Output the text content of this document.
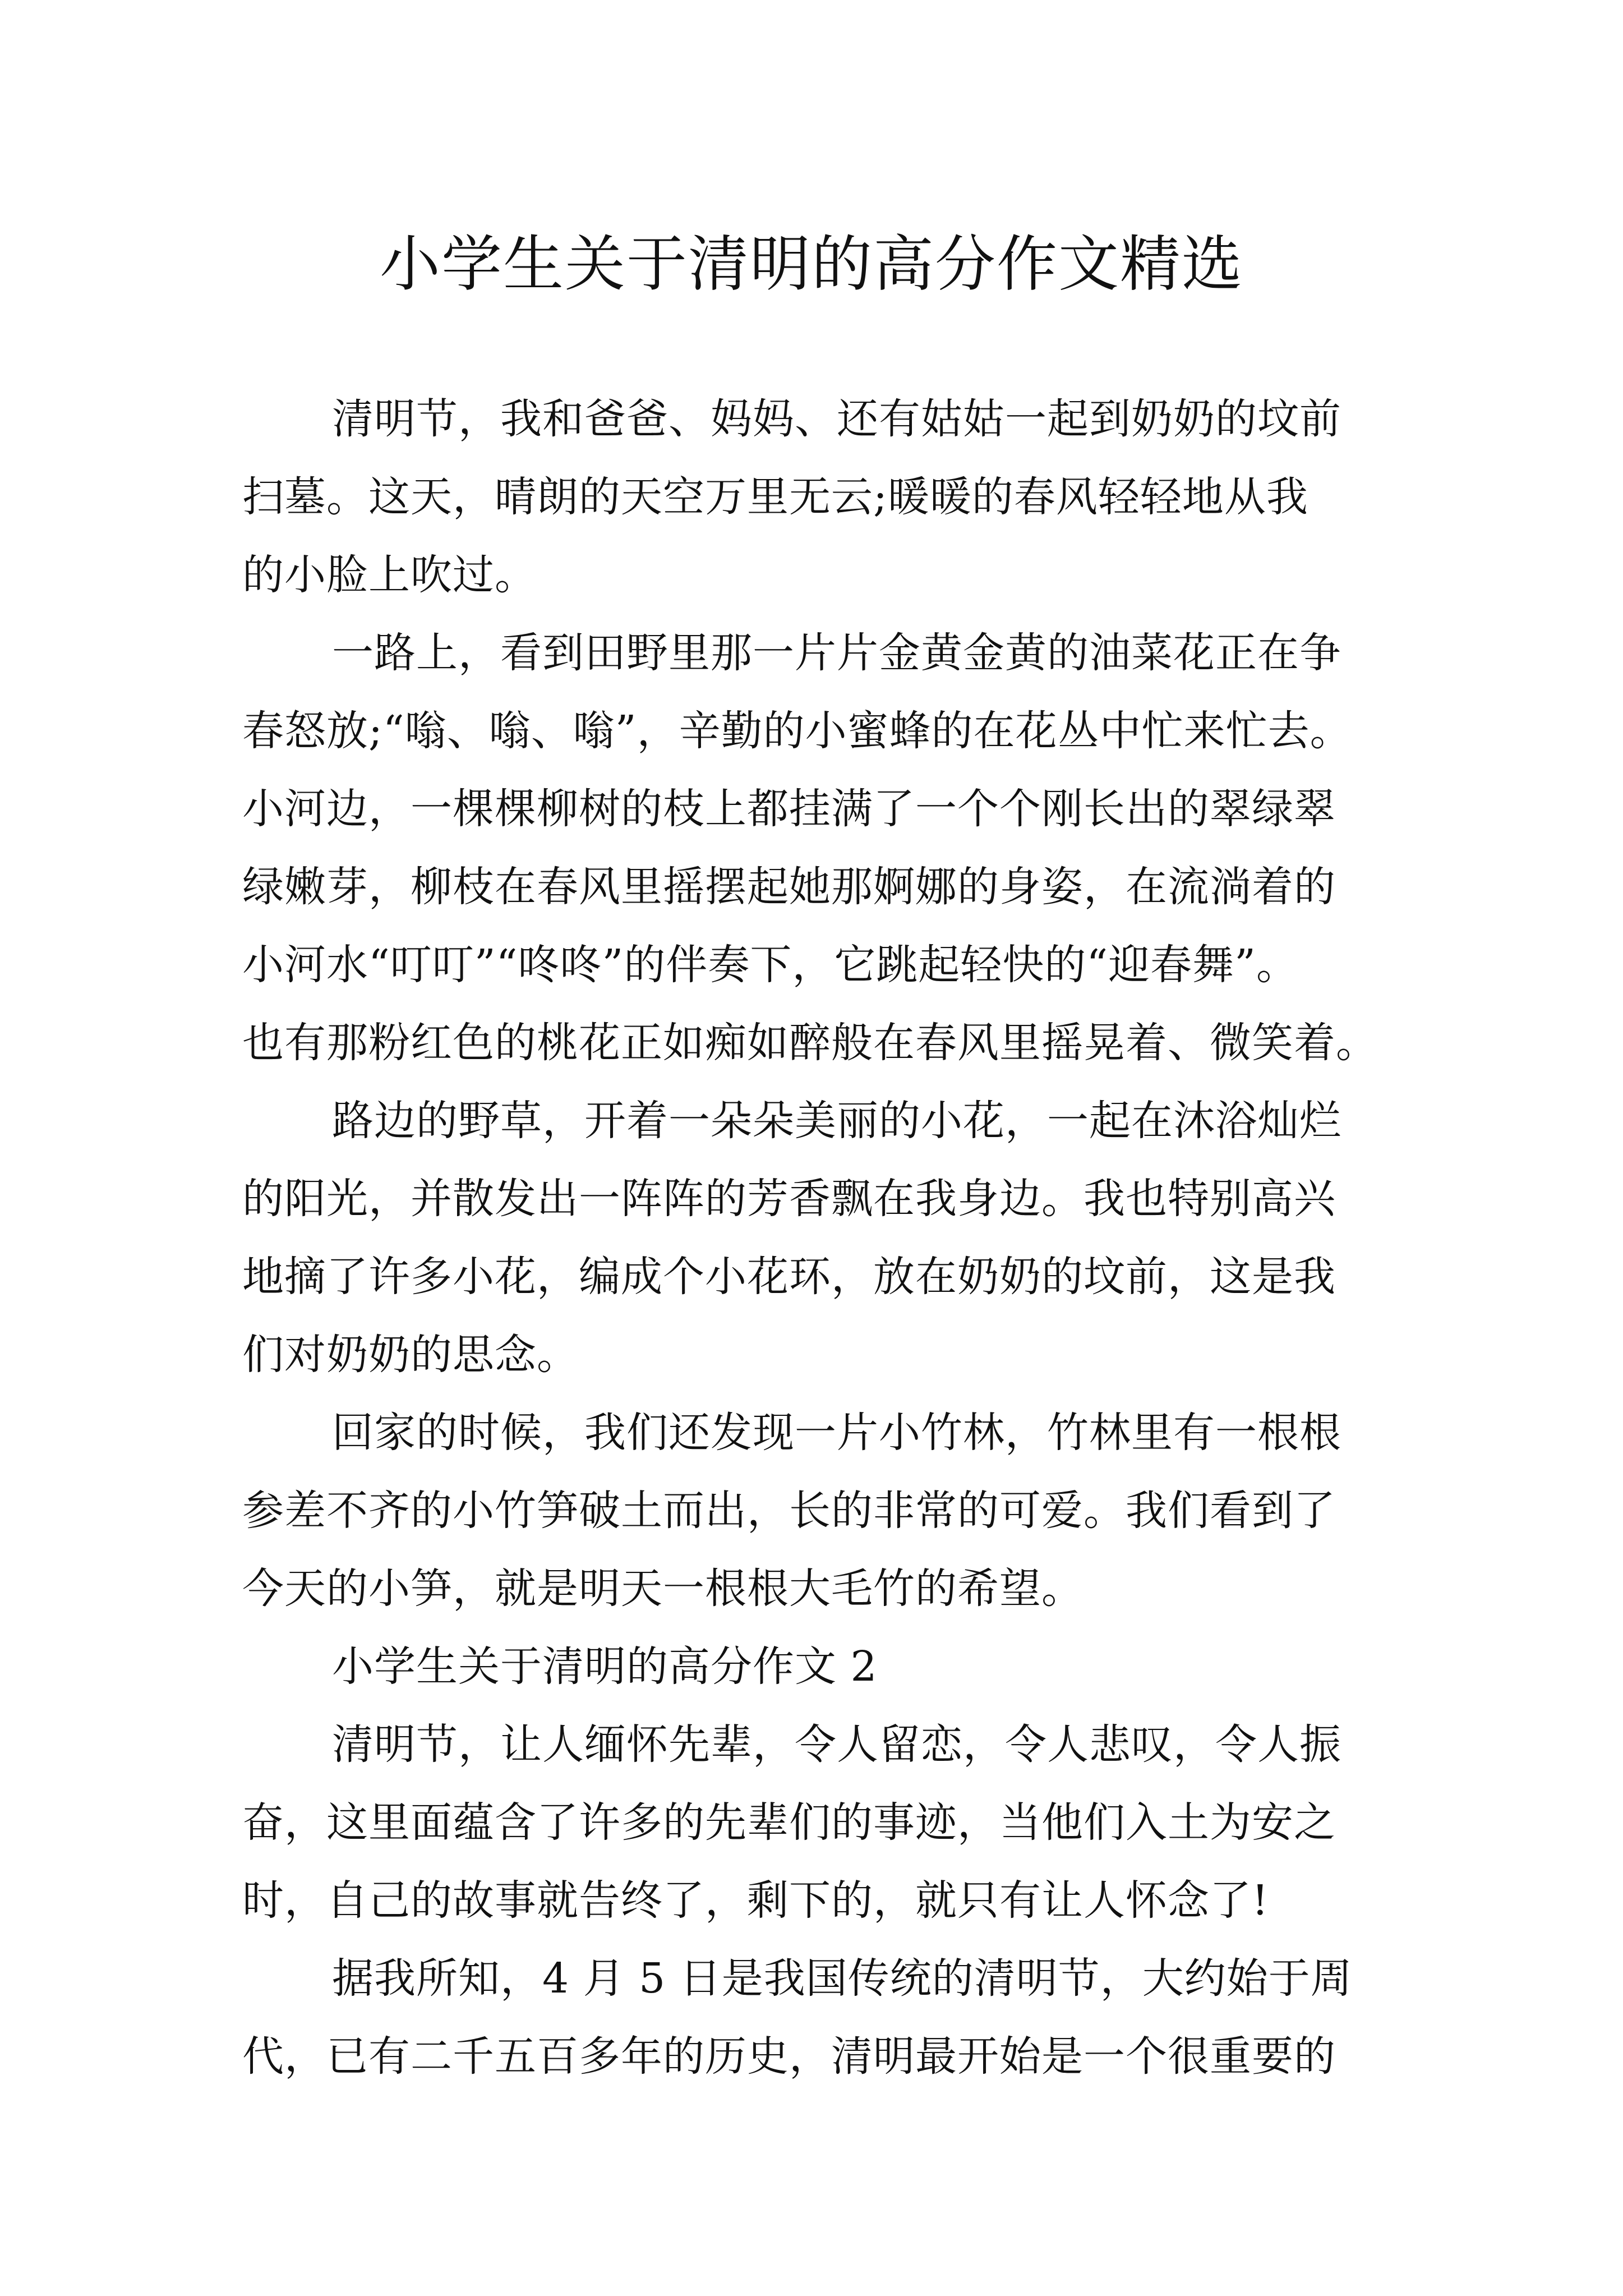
小学生关于清明的高分作文精选
清明节，我和爸爸、妈妈、还有姑姑一起到奶奶的坟前
扫墓。这天，晴朗的天空万里无云;暖暖的春风轻轻地从我
的小脸上吹过。
一路上，看到田野里那一片片金黄金黄的油菜花正在争
春怒放;“嗡、嗡、嗡”，辛勤的小蜜蜂的在花丛中忙来忙去。
小河边，一棵棵柳树的枝上都挂满了一个个刚长出的翠绿翠
绿嫩芽，柳枝在春风里摇摆起她那婀娜的身姿，在流淌着的
小河水“叮叮”“咚咚”的伴奏下，它跳起轻快的“迎春舞”。
也有那粉红色的桃花正如痴如醉般在春风里摇晃着、微笑着。
路边的野草，开着一朵朵美丽的小花，一起在沐浴灿烂
的阳光，并散发出一阵阵的芳香飘在我身边。我也特别高兴
地摘了许多小花，编成个小花环，放在奶奶的坟前，这是我
们对奶奶的思念。
回家的时候，我们还发现一片小竹林，竹林里有一根根
参差不齐的小竹笋破土而出，长的非常的可爱。我们看到了
今天的小笋，就是明天一根根大毛竹的希望。
小学生关于清明的高分作文 2
清明节，让人缅怀先辈，令人留恋，令人悲叹，令人振
奋，这里面蕴含了许多的先辈们的事迹，当他们入土为安之
时，自己的故事就告终了，剩下的，就只有让人怀念了!
据我所知，4 月 5 日是我国传统的清明节，大约始于周
代，已有二千五百多年的历史，清明最开始是一个很重要的
